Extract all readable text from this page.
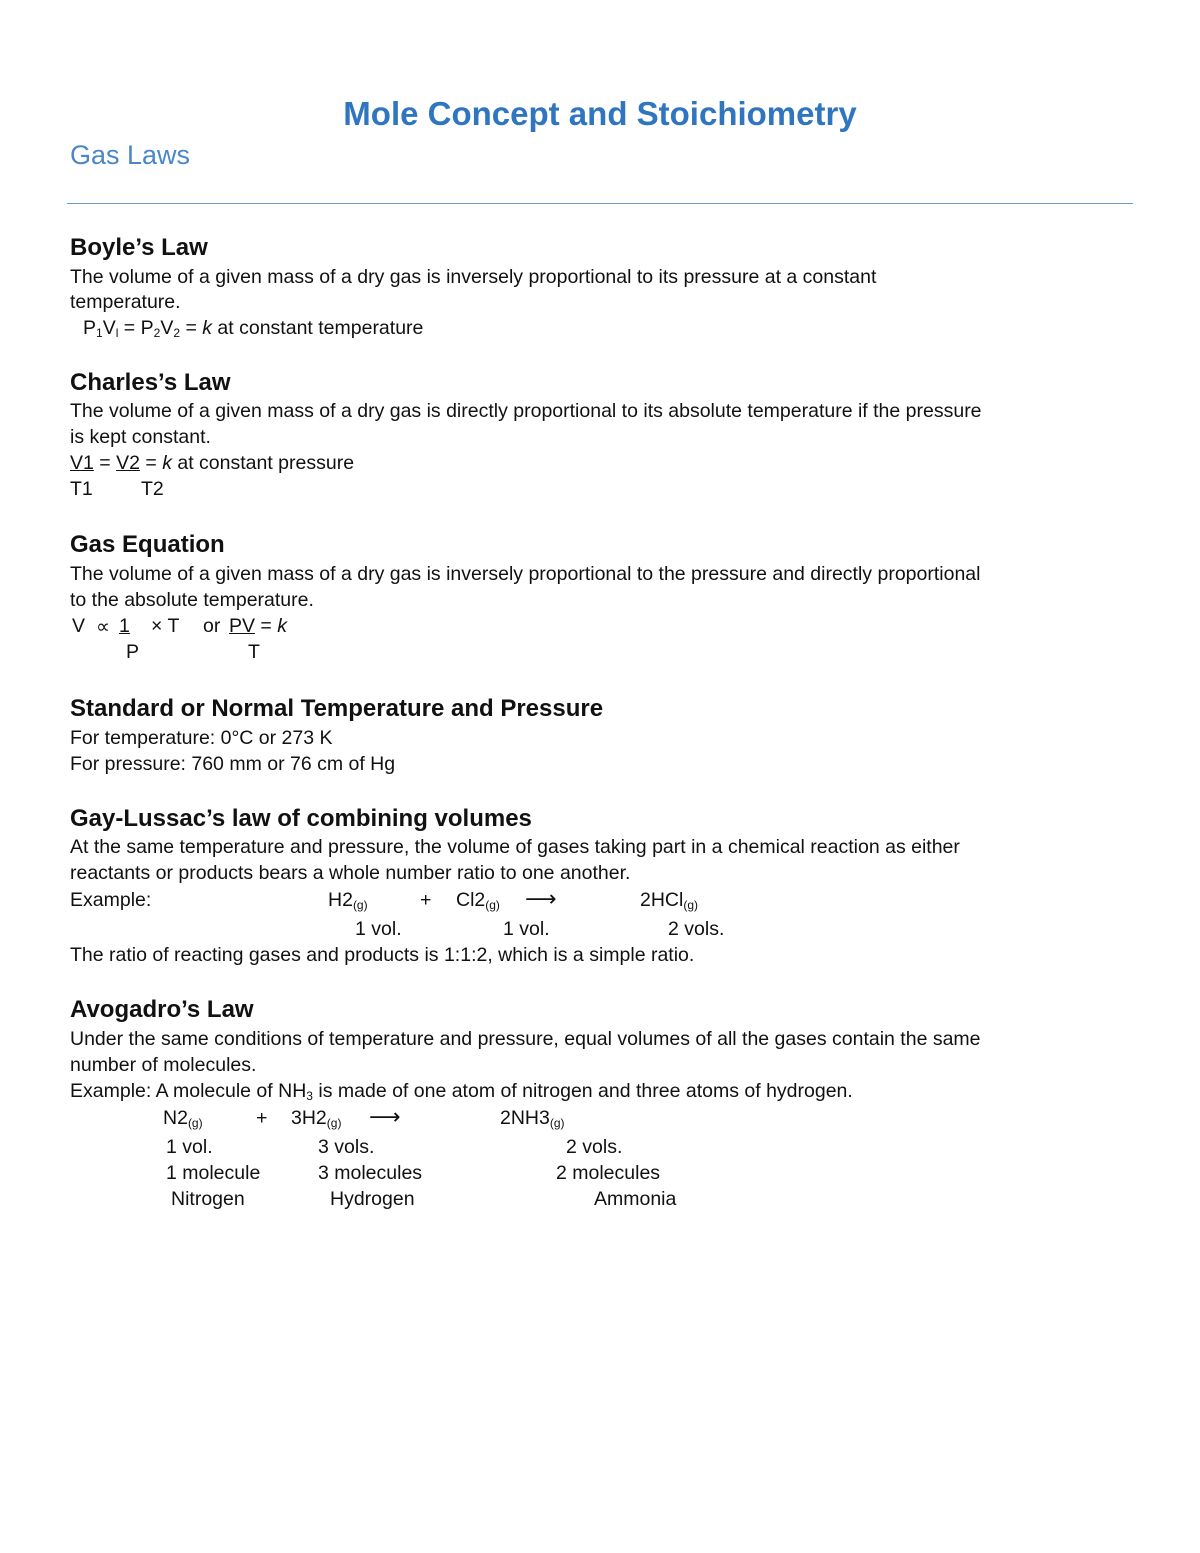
Mole Concept and Stoichiometry
Gas Laws
Boyle’s Law
The volume of a given mass of a dry gas is inversely proportional to its pressure at a constant
temperature.
$P_1V_l = P_2V_2 = k$ at constant temperature
Charles’s Law
The volume of a given mass of a dry gas is directly proportional to its absolute temperature if the pressure
is kept constant.
V1 = V2 = k at constant pressure
T1 T2
Gas Equation
The volume of a given mass of a dry gas is inversely proportional to the pressure and directly proportional
to the absolute temperature.
V ∝ 1 × T or PV = k
P	T
Standard or Normal Temperature and Pressure
For temperature: 0°C or 273 K
For pressure: 760 mm or 76 cm of Hg
Gay-Lussac’s law of combining volumes
At the same temperature and pressure, the volume of gases taking part in a chemical reaction as either
reactants or products bears a whole number ratio to one another.
Example:	$H2_{(g)}$	+ $Cl2_{(g)}$ ⟶	2HCl$_{(g)}$
1 vol.	1 vol.	2 vols.
The ratio of reacting gases and products is 1:1:2, which is a simple ratio.
Avogadro’s Law
Under the same conditions of temperature and pressure, equal volumes of all the gases contain the same
number of molecules.
Example: A molecule of $NH_3$ is made of one atom of nitrogen and three atoms of hydrogen.
$N2_{(g)}$	+ $3H2_{(g)}$ ⟶	$2NH3_{(g)}$
1 vol.	3 vols.	2 vols.
1 molecule	3 molecules	2 molecules
Nitrogen	Hydrogen	Ammonia
